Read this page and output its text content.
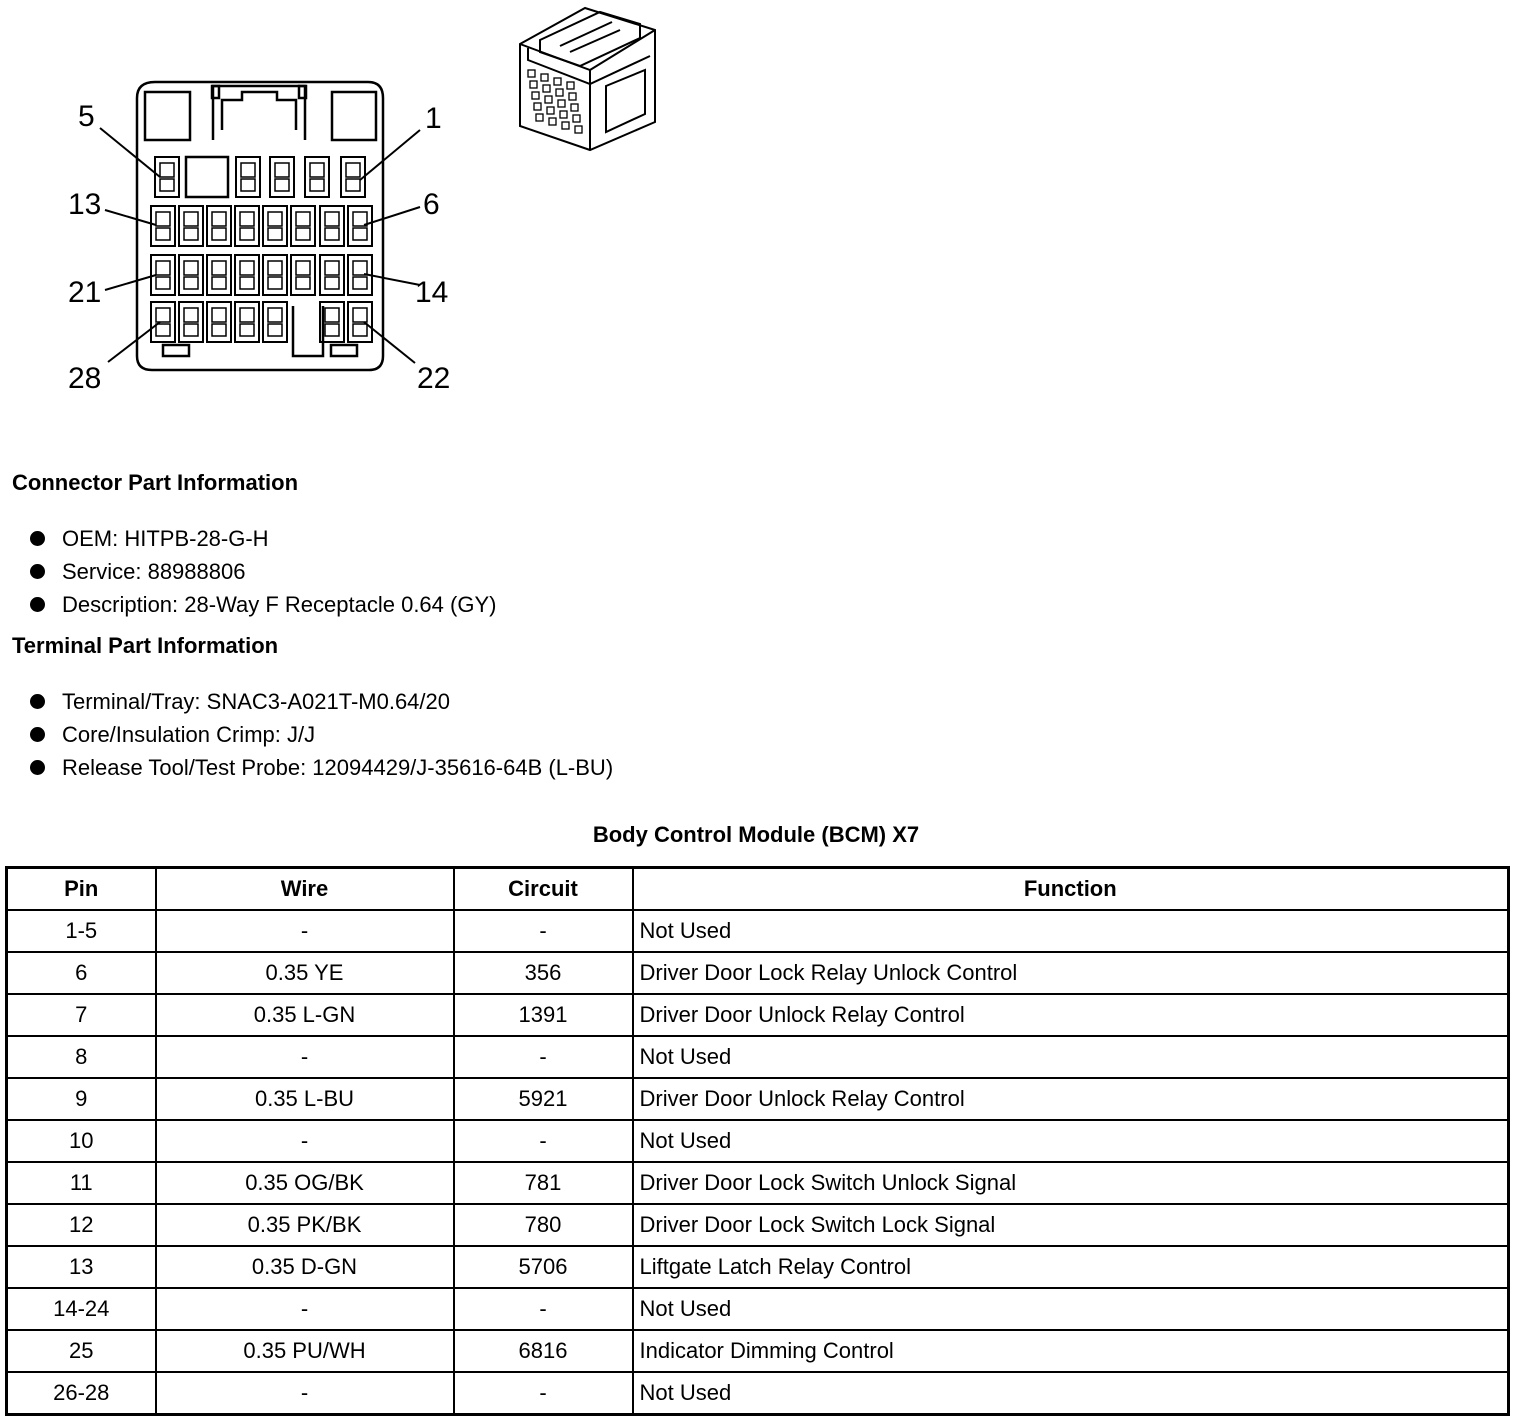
5	1
13	6
21	14
28	22
Connector Part Information
OEM: HITPB-28-G-H
Service: 88988806
Description: 28-Way F Receptacle 0.64 (GY)
Terminal Part Information
Terminal/Tray: SNAC3-A021T-M0.64/20
Core/Insulation Crimp: J/J
Release Tool/Test Probe: 12094429/J-35616-64B (L-BU)
Body Control Module (BCM) X7
Pin	Wire	Circuit	Function
1-5	-	-	Not Used
6	0.35 YE	356	Driver Door Lock Relay Unlock Control
7	0.35 L-GN	1391	Driver Door Unlock Relay Control
8	-	-	Not Used
9	0.35 L-BU	5921	Driver Door Unlock Relay Control
10	-	-	Not Used
11	0.35 OG/BK	781	Driver Door Lock Switch Unlock Signal
12	0.35 PK/BK	780	Driver Door Lock Switch Lock Signal
13	0.35 D-GN	5706	Liftgate Latch Relay Control
14-24	-	-	Not Used
25	0.35 PU/WH	6816	Indicator Dimming Control
26-28	-	-	Not Used
